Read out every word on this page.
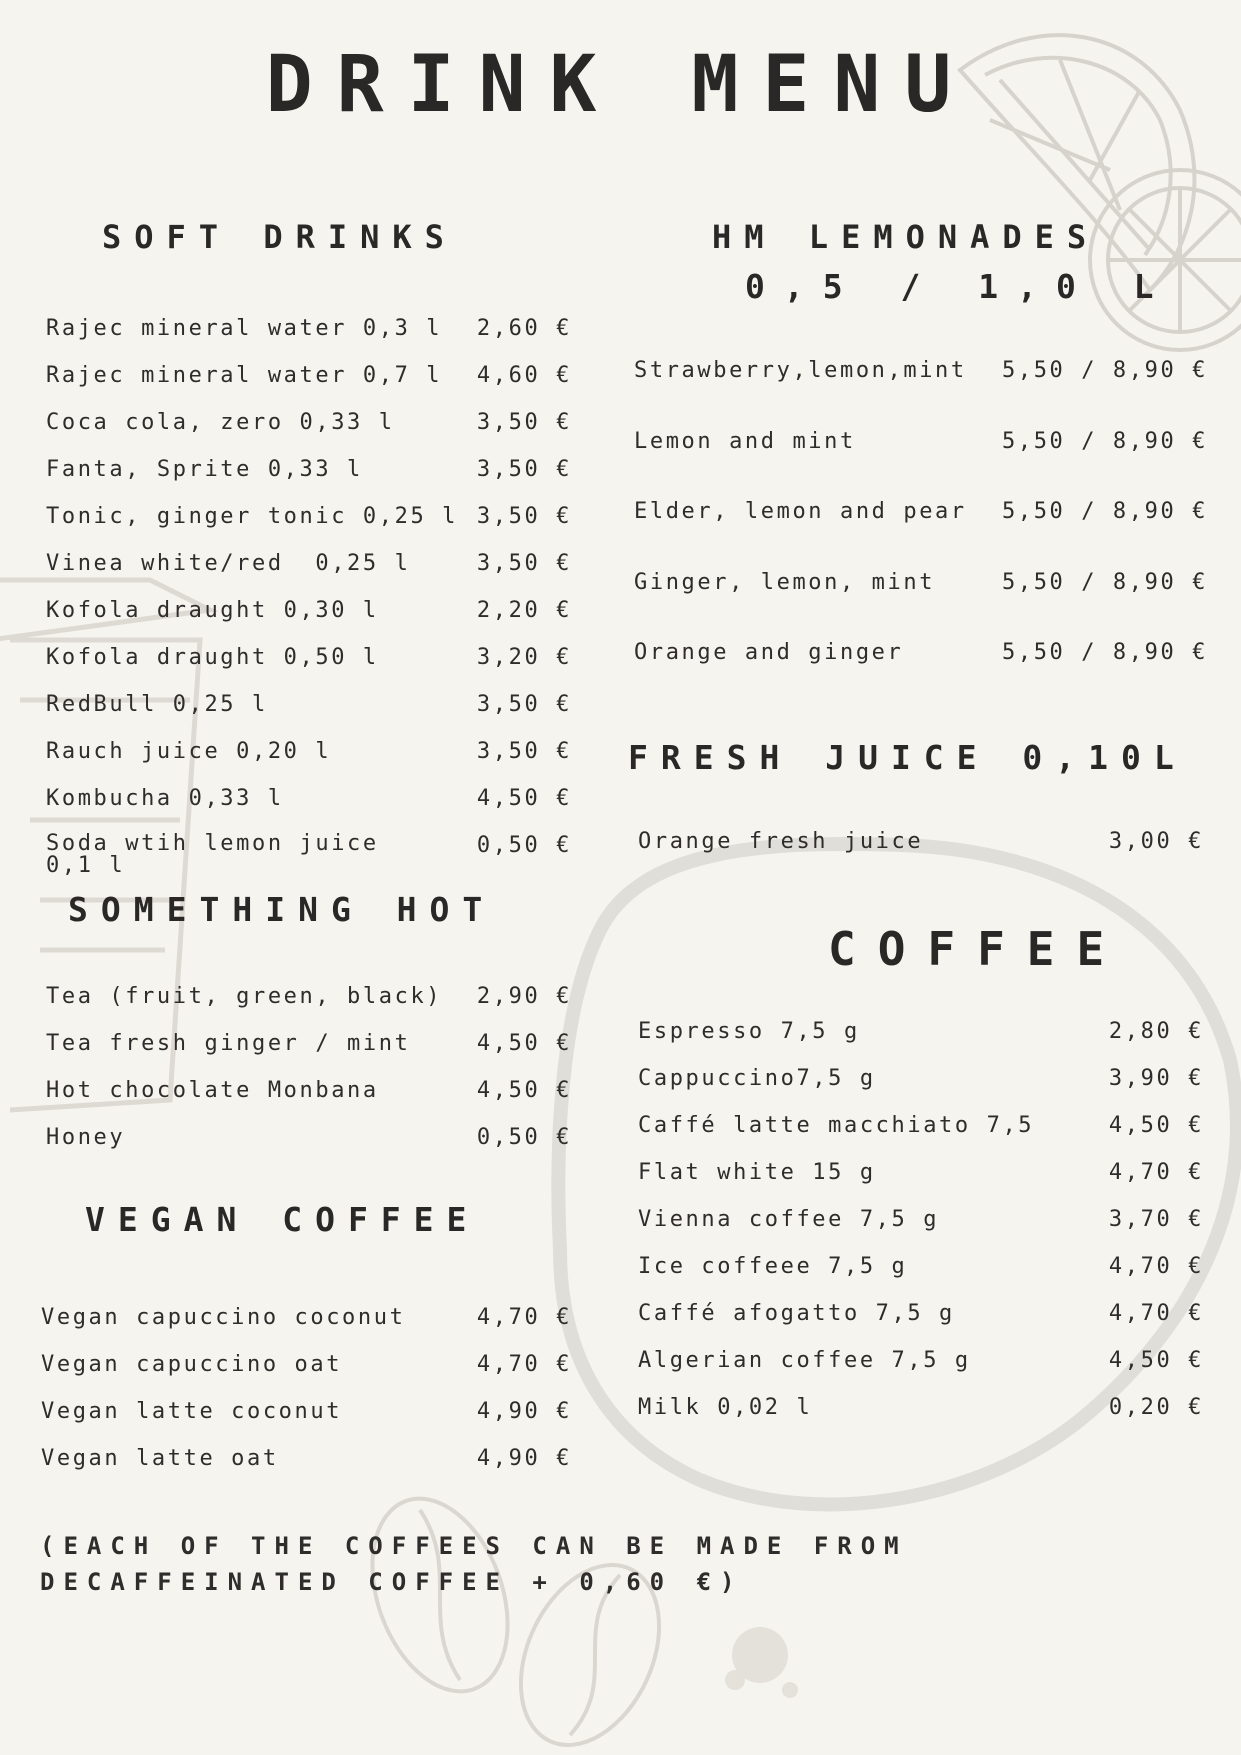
DRINK MENU
SOFT DRINKS
Rajec mineral water 0,3 l 2,60 €
Rajec mineral water 0,7 l 4,60 €
Coca cola, zero 0,33 l	3,50 €
Fanta, Sprite 0,33 l	3,50 €
Tonic, ginger tonic 0,25 l 3,50 €
Vinea white/red  0,25 l	3,50 €
Kofola draught 0,30 l	2,20 €
Kofola draught 0,50 l	3,20 €
RedBull 0,25 l	3,50 €
Rauch juice 0,20 l	3,50 €
Kombucha 0,33 l	4,50 €
Soda wtih lemon juice 0,1 l
0,50 €
SOMETHING HOT
Tea (fruit, green, black) 2,90 €
Tea fresh ginger / mint	4,50 €
Hot chocolate Monbana	4,50 €
Honey	0,50 €
VEGAN COFFEE
Vegan capuccino coconut	4,70 €
Vegan capuccino oat	4,70 €
Vegan latte coconut	4,90 €
Vegan latte oat	4,90 €
HM LEMONADES
0,5 / 1,0 L
Strawberry,lemon,mint 5,50 / 8,90 €
Lemon and mint	5,50 / 8,90 €
Elder, lemon and pear 5,50 / 8,90 €
Ginger, lemon, mint	5,50 / 8,90 €
Orange and ginger	5,50 / 8,90 €
FRESH JUICE 0,10L
Orange fresh juice	3,00 €
COFFEE
Espresso 7,5 g	2,80 €
Cappuccino7,5 g	3,90 €
Caffé latte macchiato 7,5	4,50 €
Flat white 15 g	4,70 €
Vienna coffee 7,5 g	3,70 €
Ice coffeee 7,5 g	4,70 €
Caffé afogatto 7,5 g	4,70 €
Algerian coffee 7,5 g	4,50 €
Milk 0,02 l	0,20 €
(EACH OF THE COFFEES CAN BE MADE FROM
DECAFFEINATED COFFEE + 0,60 €)
